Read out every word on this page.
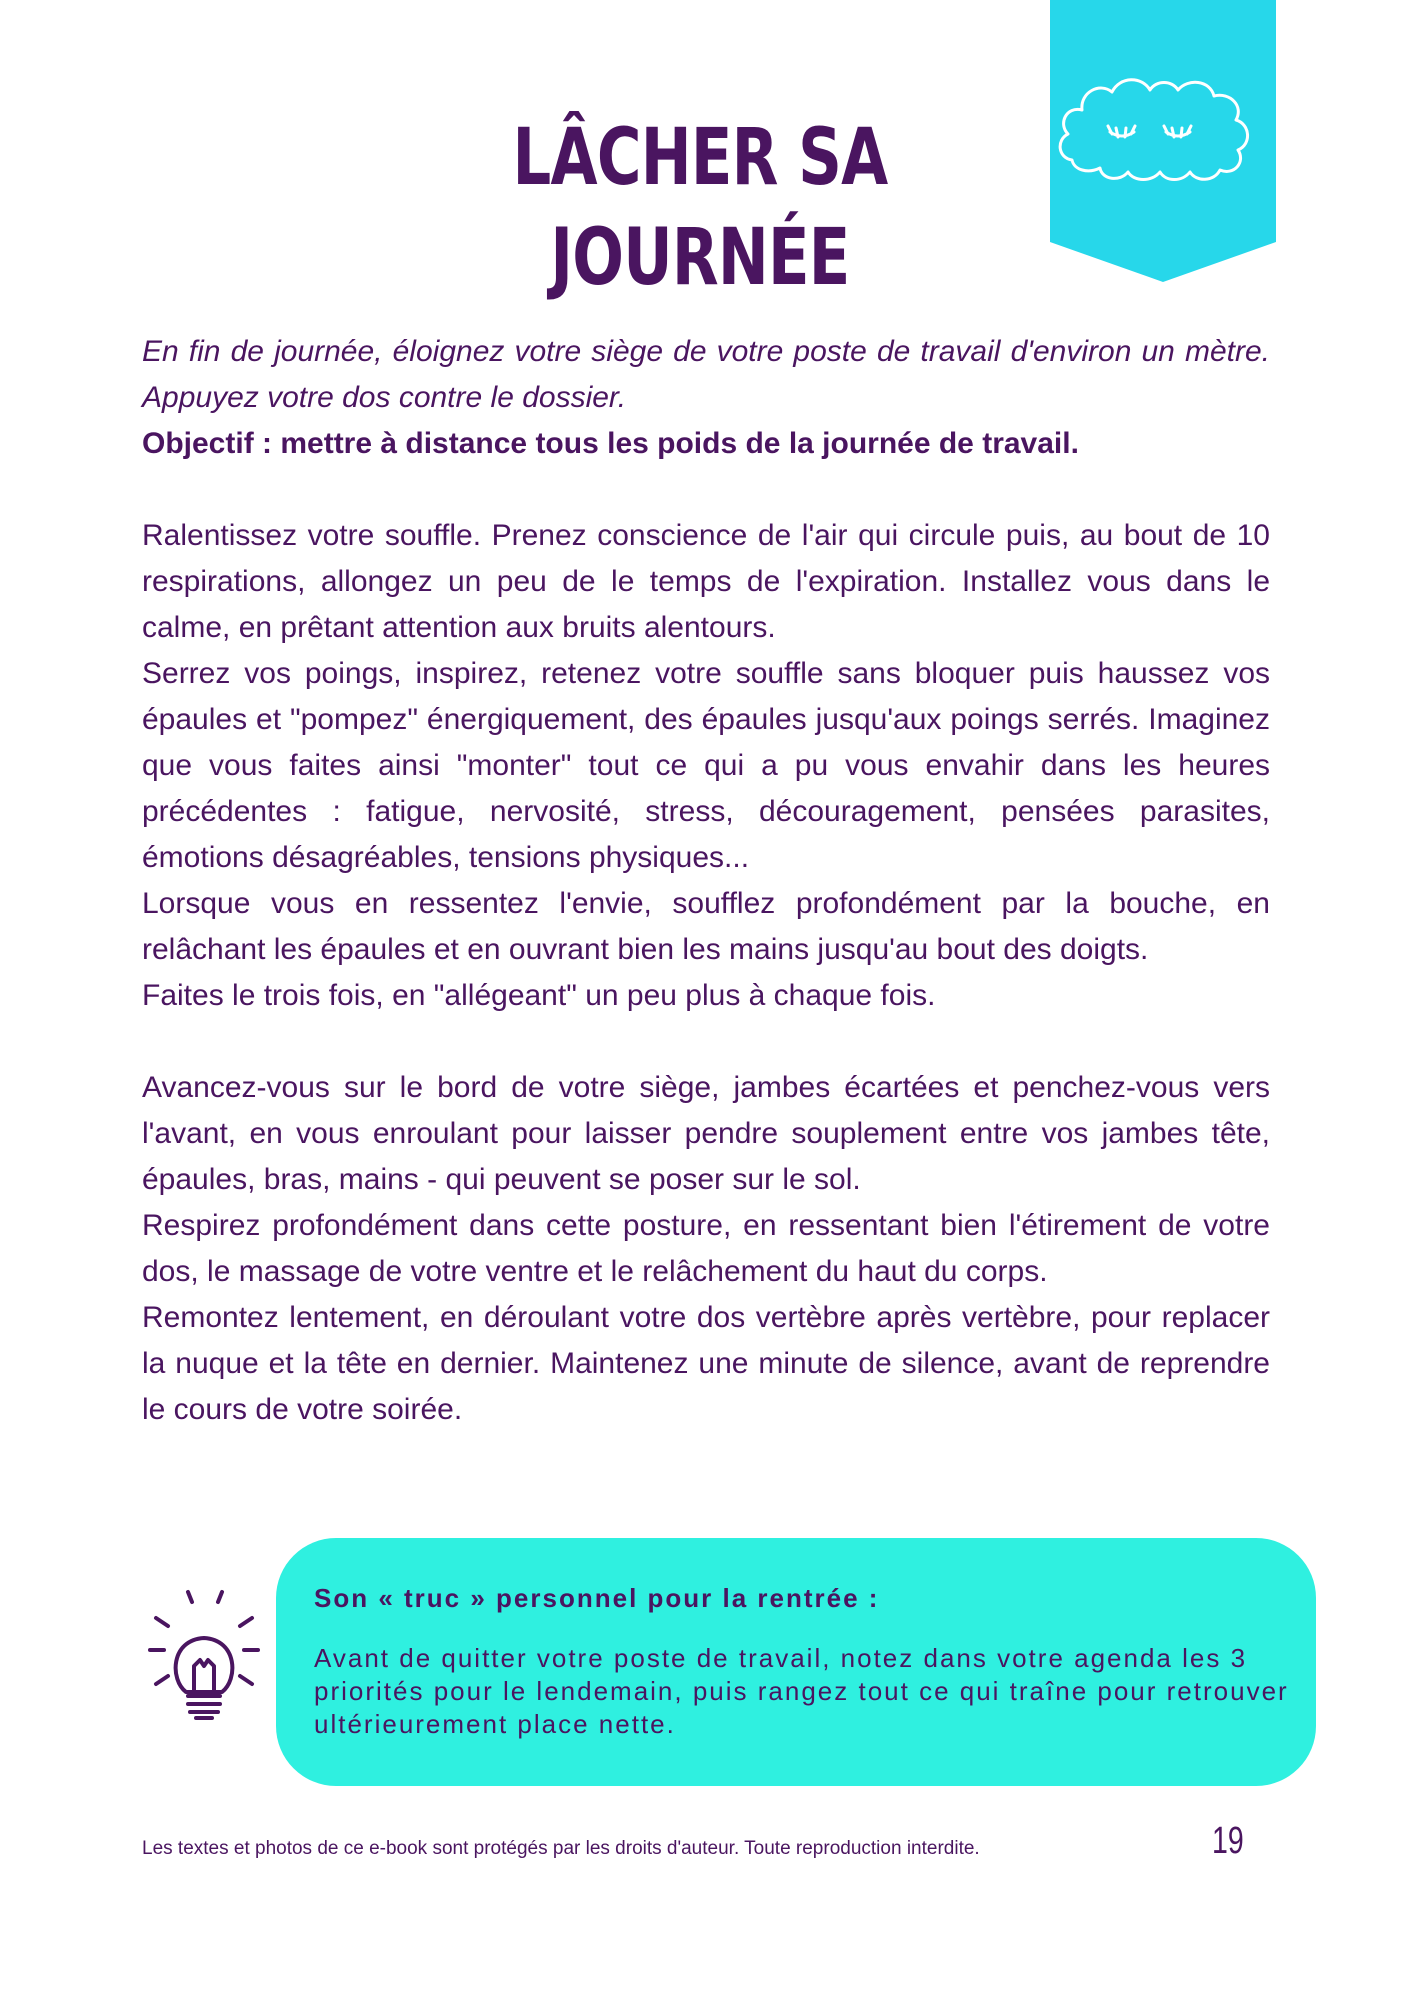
LÂCHER SA JOURNÉE

En fin de journée, éloignez votre siège de votre poste de travail d'environ un mètre. Appuyez votre dos contre le dossier.

Objectif : mettre à distance tous les poids de la journée de travail.

Ralentissez votre souffle. Prenez conscience de l'air qui circule puis, au bout de 10 respirations, allongez un peu de le temps de l'expiration. Installez vous dans le calme, en prêtant attention aux bruits alentours.

Serrez vos poings, inspirez, retenez votre souffle sans bloquer puis haussez vos épaules et "pompez" énergiquement, des épaules jusqu'aux poings serrés. Imaginez que vous faites ainsi "monter" tout ce qui a pu vous envahir dans les heures précédentes : fatigue, nervosité, stress, découragement, pensées parasites, émotions désagréables, tensions physiques...

Lorsque vous en ressentez l'envie, soufflez profondément par la bouche, en relâchant les épaules et en ouvrant bien les mains jusqu'au bout des doigts.

Faites le trois fois, en "allégeant" un peu plus à chaque fois.

Avancez-vous sur le bord de votre siège, jambes écartées et penchez-vous vers l'avant, en vous enroulant pour laisser pendre souplement entre vos jambes tête, épaules, bras, mains - qui peuvent se poser sur le sol.

Respirez profondément dans cette posture, en ressentant bien l'étirement de votre dos, le massage de votre ventre et le relâchement du haut du corps.

Remontez lentement, en déroulant votre dos vertèbre après vertèbre, pour replacer la nuque et la tête en dernier. Maintenez une minute de silence, avant de reprendre le cours de votre soirée.

Son « truc » personnel pour la rentrée :
Avant de quitter votre poste de travail, notez dans votre agenda les 3 priorités pour le lendemain, puis rangez tout ce qui traîne pour retrouver ultérieurement place nette.
Les textes et photos de ce e-book sont protégés par les droits d'auteur. Toute reproduction interdite.	19
